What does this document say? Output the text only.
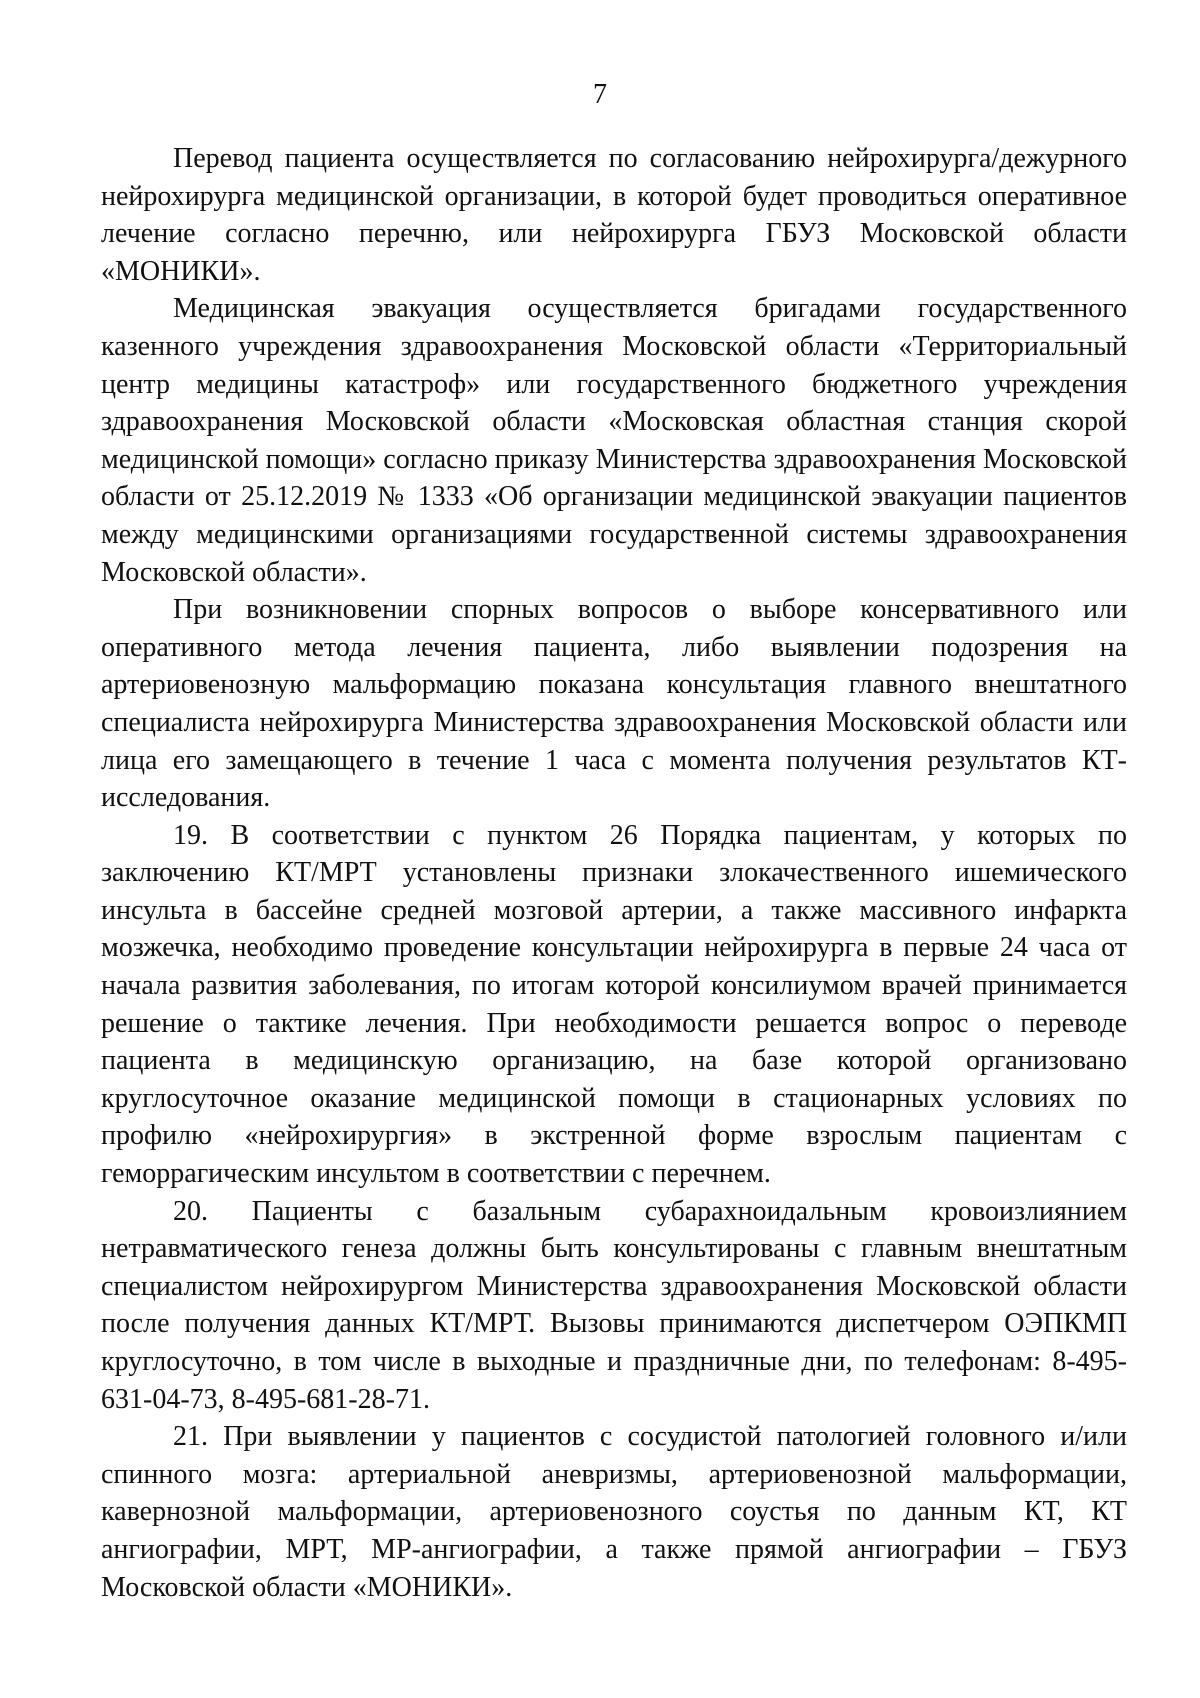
7

Перевод пациента осуществляется по согласованию нейрохирурга/дежурного нейрохирурга медицинской организации, в которой будет проводиться оперативное лечение согласно перечню, или нейрохирурга ГБУЗ Московской области «МОНИКИ».

Медицинская эвакуация осуществляется бригадами государственного казенного учреждения здравоохранения Московской области «Территориальный центр медицины катастроф» или государственного бюджетного учреждения здравоохранения Московской области «Московская областная станция скорой медицинской помощи» согласно приказу Министерства здравоохранения Московской области от 25.12.2019 № 1333 «Об организации медицинской эвакуации пациентов между медицинскими организациями государственной системы здравоохранения Московской области».

При возникновении спорных вопросов о выборе консервативного или оперативного метода лечения пациента, либо выявлении подозрения на артериовенозную мальформацию показана консультация главного внештатного специалиста нейрохирурга Министерства здравоохранения Московской области или лица его замещающего в течение 1 часа с момента получения результатов КТ-исследования.

19. В соответствии с пунктом 26 Порядка пациентам, у которых по заключению КТ/МРТ установлены признаки злокачественного ишемического инсульта в бассейне средней мозговой артерии, а также массивного инфаркта мозжечка, необходимо проведение консультации нейрохирурга в первые 24 часа от начала развития заболевания, по итогам которой консилиумом врачей принимается решение о тактике лечения. При необходимости решается вопрос о переводе пациента в медицинскую организацию, на базе которой организовано круглосуточное оказание медицинской помощи в стационарных условиях по профилю «нейрохирургия» в экстренной форме взрослым пациентам с геморрагическим инсультом в соответствии с перечнем.

20. Пациенты с базальным субарахноидальным кровоизлиянием нетравматического генеза должны быть консультированы с главным внештатным специалистом нейрохирургом Министерства здравоохранения Московской области после получения данных КТ/МРТ. Вызовы принимаются диспетчером ОЭПКМП круглосуточно, в том числе в выходные и праздничные дни, по телефонам: 8-495-631-04-73, 8-495-681-28-71.

21. При выявлении у пациентов с сосудистой патологией головного и/или спинного мозга: артериальной аневризмы, артериовенозной мальформации, кавернозной мальформации, артериовенозного соустья по данным КТ, КТ ангиографии, МРТ, МР-ангиографии, а также прямой ангиографии – ГБУЗ Московской области «МОНИКИ».
